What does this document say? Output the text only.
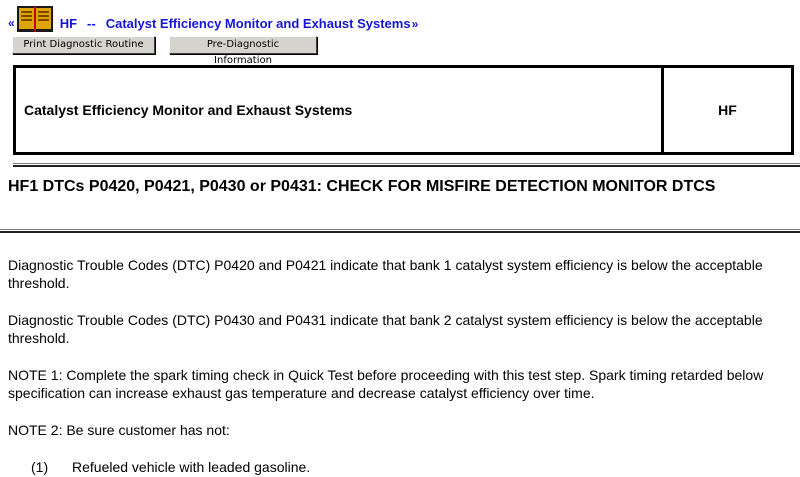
«	HF -- Catalyst Efficiency Monitor and Exhaust Systems »
Print Diagnostic Routine	Pre-Diagnostic Information
Catalyst Efficiency Monitor and Exhaust Systems	HF
HF1 DTCs P0420, P0421, P0430 or P0431: CHECK FOR MISFIRE DETECTION MONITOR DTCS
Diagnostic Trouble Codes (DTC) P0420 and P0421 indicate that bank 1 catalyst system efficiency is below the acceptable threshold.
Diagnostic Trouble Codes (DTC) P0430 and P0431 indicate that bank 2 catalyst system efficiency is below the acceptable threshold.
NOTE 1: Complete the spark timing check in Quick Test before proceeding with this test step. Spark timing retarded below specification can increase exhaust gas temperature and decrease catalyst efficiency over time.
NOTE 2: Be sure customer has not:
(1)	Refueled vehicle with leaded gasoline.
